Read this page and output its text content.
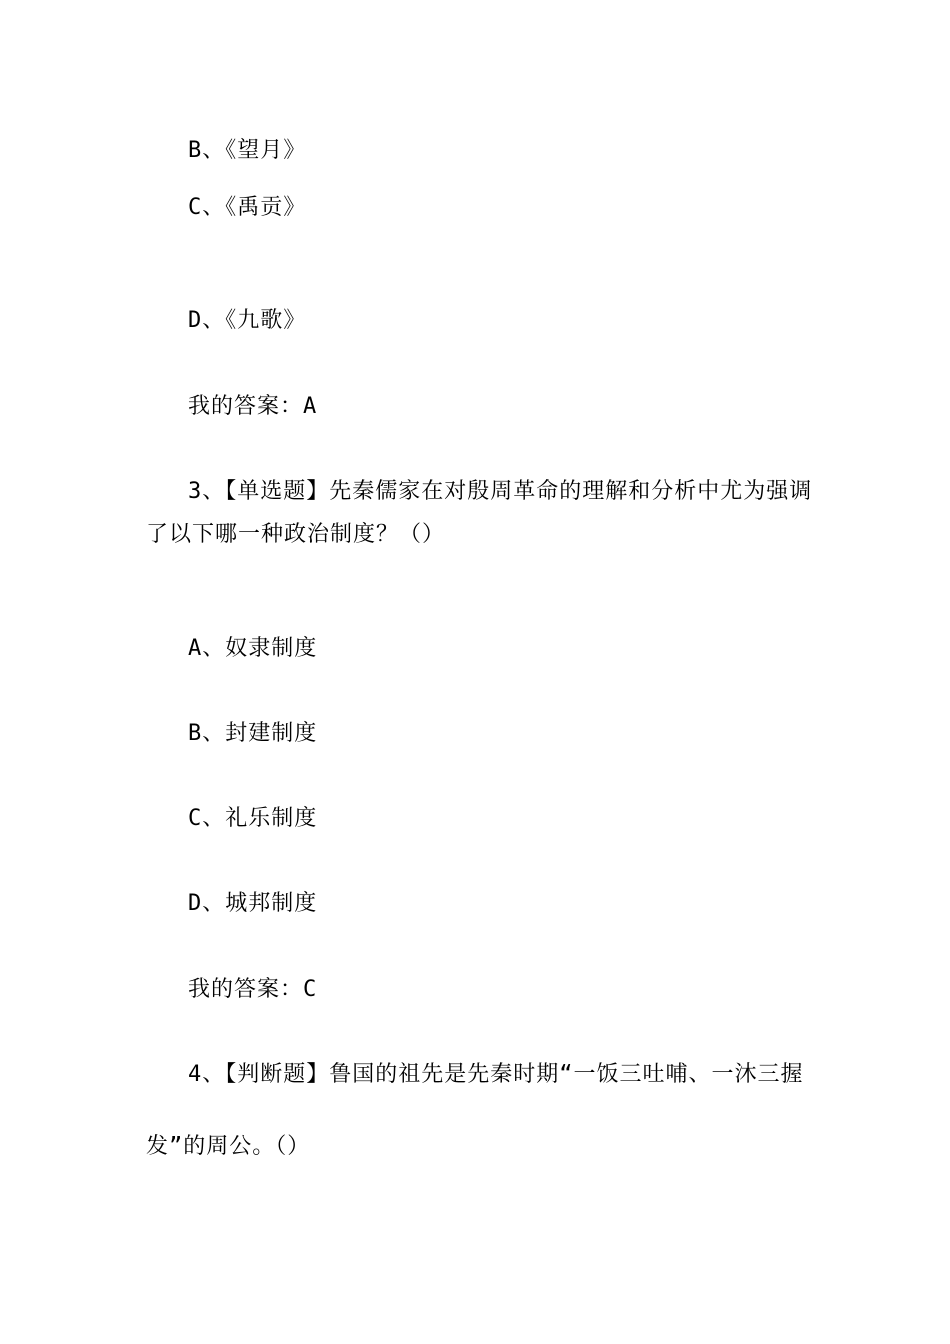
B、《望月》
C、《禹贡》
D、《九歌》
我的答案：A
3、【单选题】先秦儒家在对殷周革命的理解和分析中尤为强调
了以下哪一种政治制度？（）
A、奴隶制度
B、封建制度
C、礼乐制度
D、城邦制度
我的答案：C
4、【判断题】鲁国的祖先是先秦时期“一饭三吐哺、一沐三握
发”的周公。（）
